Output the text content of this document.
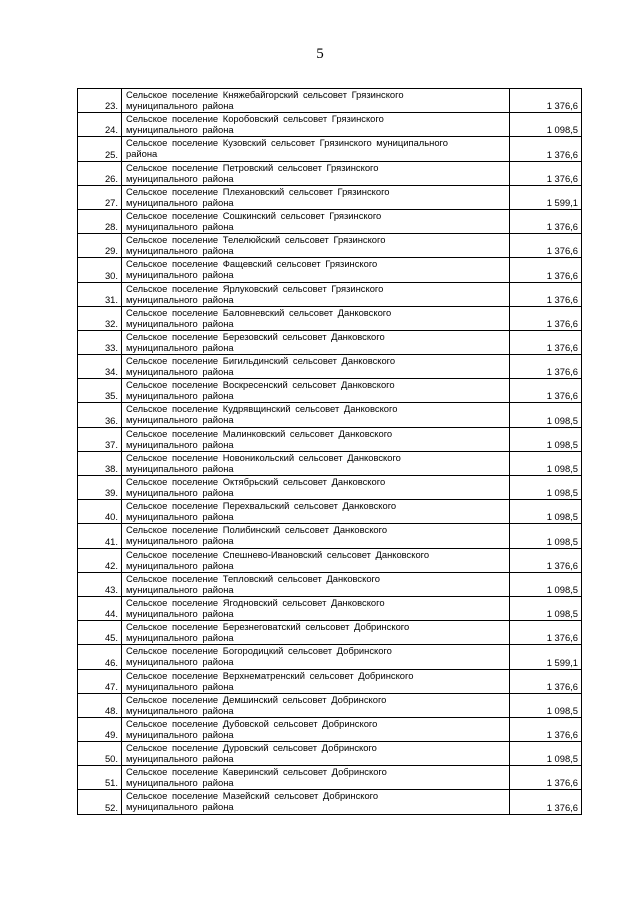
5
23.	Сельское поселение Княжебайгорский сельсовет Грязинского
муниципального района	1 376,6
24.	Сельское поселение Коробовский сельсовет Грязинского
муниципального района	1 098,5
25.	Сельское поселение Кузовский сельсовет Грязинского муниципального
района	1 376,6
26.	Сельское поселение Петровский сельсовет Грязинского
муниципального района	1 376,6
27.	Сельское поселение Плехановский сельсовет Грязинского
муниципального района	1 599,1
28.	Сельское поселение Сошкинский сельсовет Грязинского
муниципального района	1 376,6
29.	Сельское поселение Телелюйский сельсовет Грязинского
муниципального района	1 376,6
30.	Сельское поселение Фащевский сельсовет Грязинского
муниципального района	1 376,6
31.	Сельское поселение Ярлуковский сельсовет Грязинского
муниципального района	1 376,6
32.	Сельское поселение Баловневский сельсовет Данковского
муниципального района	1 376,6
33.	Сельское поселение Березовский сельсовет Данковского
муниципального района	1 376,6
34.	Сельское поселение Бигильдинский сельсовет Данковского
муниципального района	1 376,6
35.	Сельское поселение Воскресенский сельсовет Данковского
муниципального района	1 376,6
36.	Сельское поселение Кудрявщинский сельсовет Данковского
муниципального района	1 098,5
37.	Сельское поселение Малинковский сельсовет Данковского
муниципального района	1 098,5
38.	Сельское поселение Новоникольский сельсовет Данковского
муниципального района	1 098,5
39.	Сельское поселение Октябрьский сельсовет Данковского
муниципального района	1 098,5
40.	Сельское поселение Перехвальский сельсовет Данковского
муниципального района	1 098,5
41.	Сельское поселение Полибинский сельсовет Данковского
муниципального района	1 098,5
42.	Сельское поселение Спешнево-Ивановский сельсовет Данковского
муниципального района	1 376,6
43.	Сельское поселение Тепловский сельсовет Данковского
муниципального района	1 098,5
44.	Сельское поселение Ягодновский сельсовет Данковского
муниципального района	1 098,5
45.	Сельское поселение Березнеговатский сельсовет Добринского
муниципального района	1 376,6
46.	Сельское поселение Богородицкий сельсовет Добринского
муниципального района	1 599,1
47.	Сельское поселение Верхнематренский сельсовет Добринского
муниципального района	1 376,6
48.	Сельское поселение Демшинский сельсовет Добринского
муниципального района	1 098,5
49.	Сельское поселение Дубовской сельсовет Добринского
муниципального района	1 376,6
50.	Сельское поселение Дуровский сельсовет Добринского
муниципального района	1 098,5
51.	Сельское поселение Каверинский сельсовет Добринского
муниципального района	1 376,6
52.	Сельское поселение Мазейский сельсовет Добринского
муниципального района	1 376,6
